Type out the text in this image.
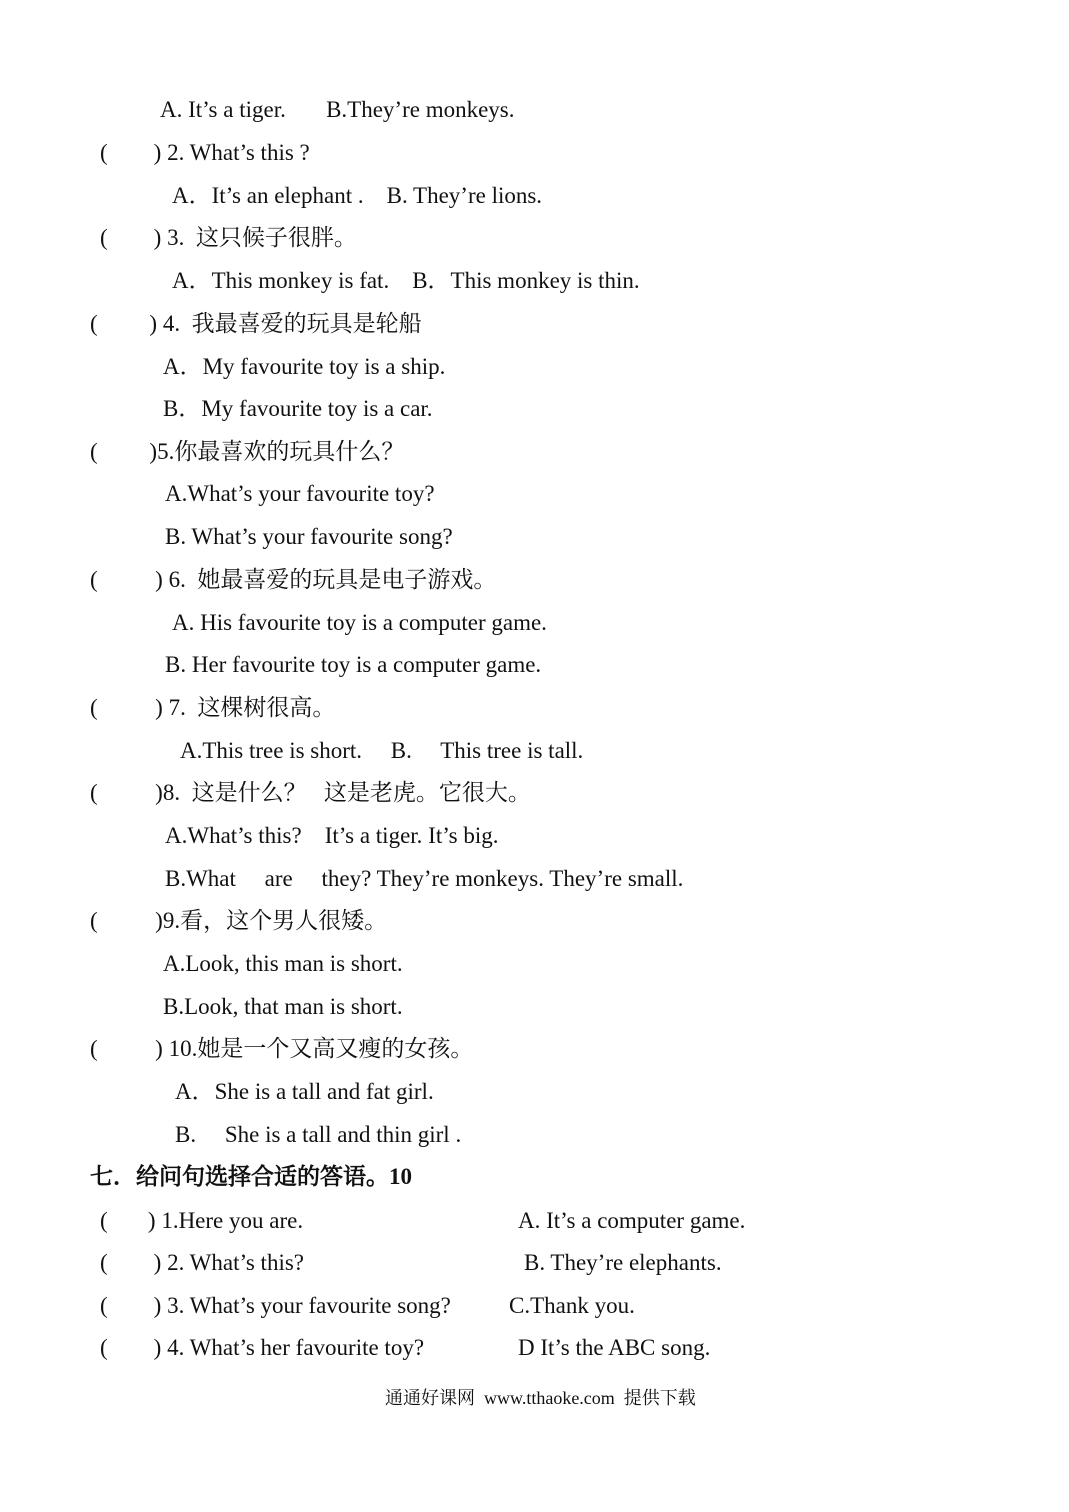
A. It’s a tiger.       B.They’re monkeys.
(        ) 2. What’s this ?
A．It’s an elephant .    B. They’re lions.
(        ) 3.  这只候子很胖。
A．This monkey is fat.    B．This monkey is thin.
(         ) 4.  我最喜爱的玩具是轮船
A．My favourite toy is a ship.
B．My favourite toy is a car.
(         )5.你最喜欢的玩具什么？
A.What’s your favourite toy?
B. What’s your favourite song?
(          ) 6.  她最喜爱的玩具是电子游戏。
A. His favourite toy is a computer game.
B. Her favourite toy is a computer game.
(          ) 7.  这棵树很高。
A.This tree is short.     B.     This tree is tall.
(          )8.  这是什么？   这是老虎。它很大。
A.What’s this?    It’s a tiger. It’s big.
B.What     are     they? They’re monkeys. They’re small.
(          )9.看，这个男人很矮。
A.Look, this man is short.
B.Look, that man is short.
(          ) 10.她是一个又高又瘦的女孩。
A．She is a tall and fat girl.
B.     She is a tall and thin girl .
七．给问句选择合适的答语。10
(       ) 1.Here you are.	A. It’s a computer game.
(        ) 2. What’s this?	B. They’re elephants.
(        ) 3. What’s your favourite song?	C.Thank you.
(        ) 4. What’s her favourite toy?	D It’s the ABC song.
通通好课网  www.tthaoke.com  提供下载
